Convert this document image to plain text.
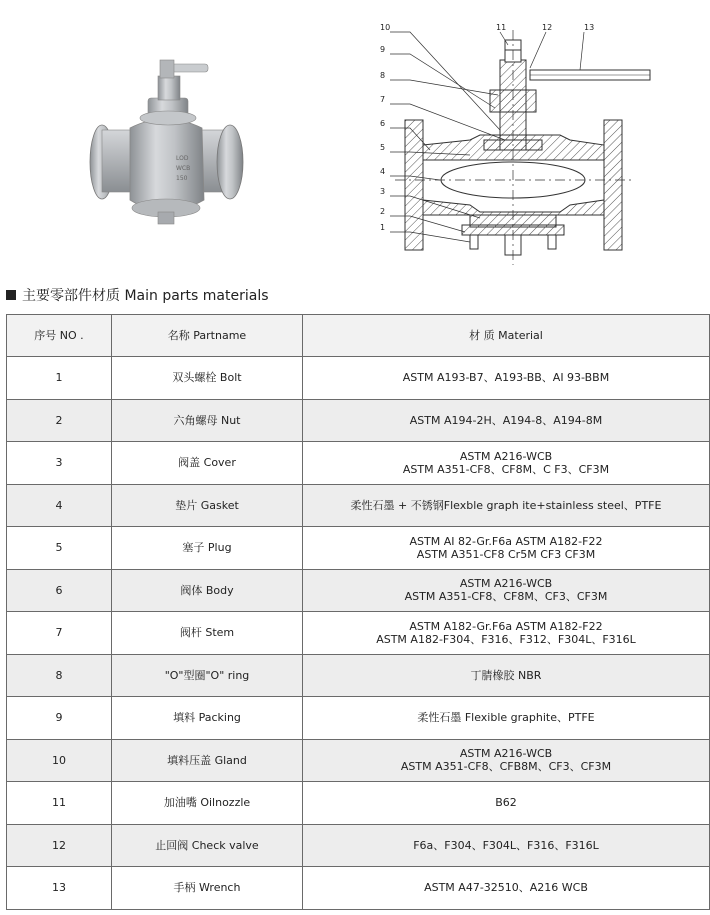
LOD
WCB
150
10
9
8
7
6
5
4
3
2
1
11	12	13
主要零部件材质 Main parts materials
序号 NO .	名称 Partname	材 质 Material
1	双头螺栓 Bolt	ASTM A193-B7、A193-BB、AI 93-BBM

2	六角螺母 Nut	ASTM A194-2H、A194-8、A194-8M

3	阀盖 Cover	ASTM A216-WCB
ASTM A351-CF8、CF8M、C F3、CF3M

4	垫片 Gasket	柔性石墨 + 不锈钢Flexble graph ite+stainless steel、PTFE

5	塞子 Plug	ASTM AI 82-Gr.F6a ASTM A182-F22
ASTM A351-CF8 Cr5M CF3 CF3M

6	阀体 Body	ASTM A216-WCB
ASTM A351-CF8、CF8M、CF3、CF3M

7	阀杆 Stem	ASTM A182-Gr.F6a ASTM A182-F22
ASTM A182-F304、F316、F312、F304L、F316L

8	"O"型圈"O" ring	丁腈橡胶 NBR

9	填料 Packing	柔性石墨 Flexible graphite、PTFE

10	填料压盖 Gland	ASTM A216-WCB
ASTM A351-CF8、CFB8M、CF3、CF3M

11	加油嘴 Oilnozzle	B62

12	止回阀 Check valve	F6a、F304、F304L、F316、F316L

13	手柄 Wrench	ASTM A47-32510、A216 WCB
